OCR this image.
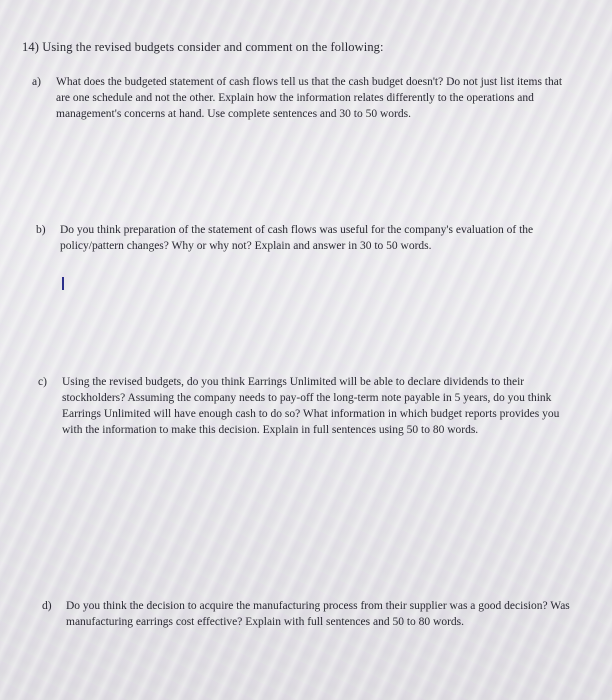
14) Using the revised budgets consider and comment on the following:
a) What does the budgeted statement of cash flows tell us that the cash budget doesn't? Do not just list items that are one schedule and not the other. Explain how the information relates differently to the operations and management's concerns at hand. Use complete sentences and 30 to 50 words.
b) Do you think preparation of the statement of cash flows was useful for the company's evaluation of the policy/pattern changes? Why or why not? Explain and answer in 30 to 50 words.
c) Using the revised budgets, do you think Earrings Unlimited will be able to declare dividends to their stockholders? Assuming the company needs to pay-off the long-term note payable in 5 years, do you think Earrings Unlimited will have enough cash to do so? What information in which budget reports provides you with the information to make this decision. Explain in full sentences using 50 to 80 words.
d) Do you think the decision to acquire the manufacturing process from their supplier was a good decision? Was manufacturing earrings cost effective? Explain with full sentences and 50 to 80 words.
